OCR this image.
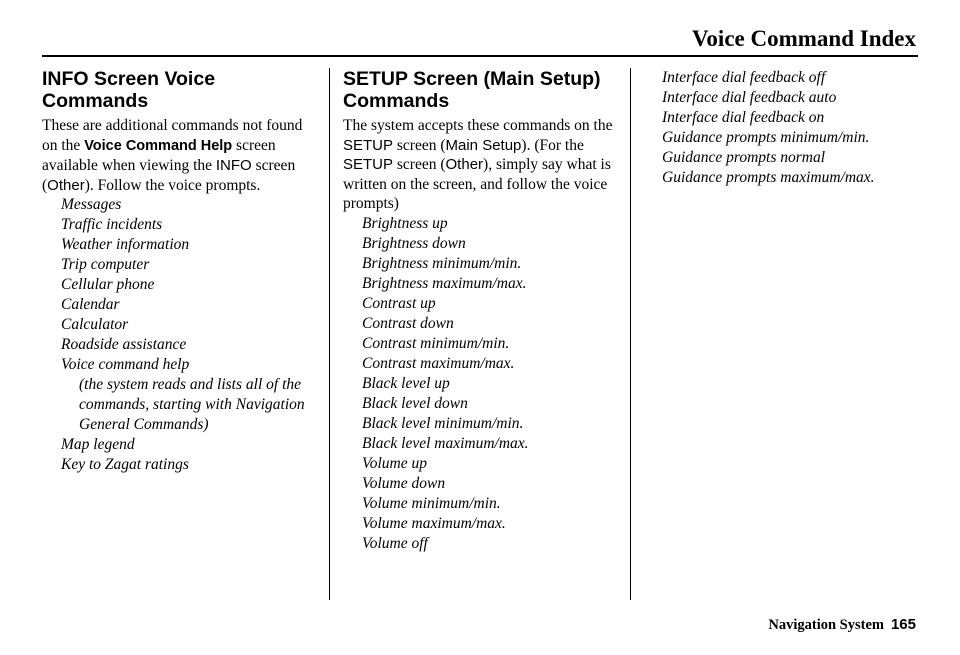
Voice Command Index
INFO Screen Voice
Commands

These are additional commands not found on the Voice Command Help screen available when viewing the INFO screen (Other). Follow the voice prompts.

Messages
Traffic incidents
Weather information
Trip computer
Cellular phone
Calendar
Calculator
Roadside assistance
Voice command help
(the system reads and lists all of the commands, starting with Navigation General Commands)
Map legend
Key to Zagat ratings
SETUP Screen (Main Setup)
Commands

The system accepts these commands on the SETUP screen (Main Setup). (For the SETUP screen (Other), simply say what is written on the screen, and follow the voice prompts)

Brightness up
Brightness down
Brightness minimum/min.
Brightness maximum/max.
Contrast up
Contrast down
Contrast minimum/min.
Contrast maximum/max.
Black level up
Black level down
Black level minimum/min.
Black level maximum/max.
Volume up
Volume down
Volume minimum/min.
Volume maximum/max.
Volume off
Interface dial feedback off
Interface dial feedback auto
Interface dial feedback on
Guidance prompts minimum/min.
Guidance prompts normal
Guidance prompts maximum/max.
Navigation System 165
